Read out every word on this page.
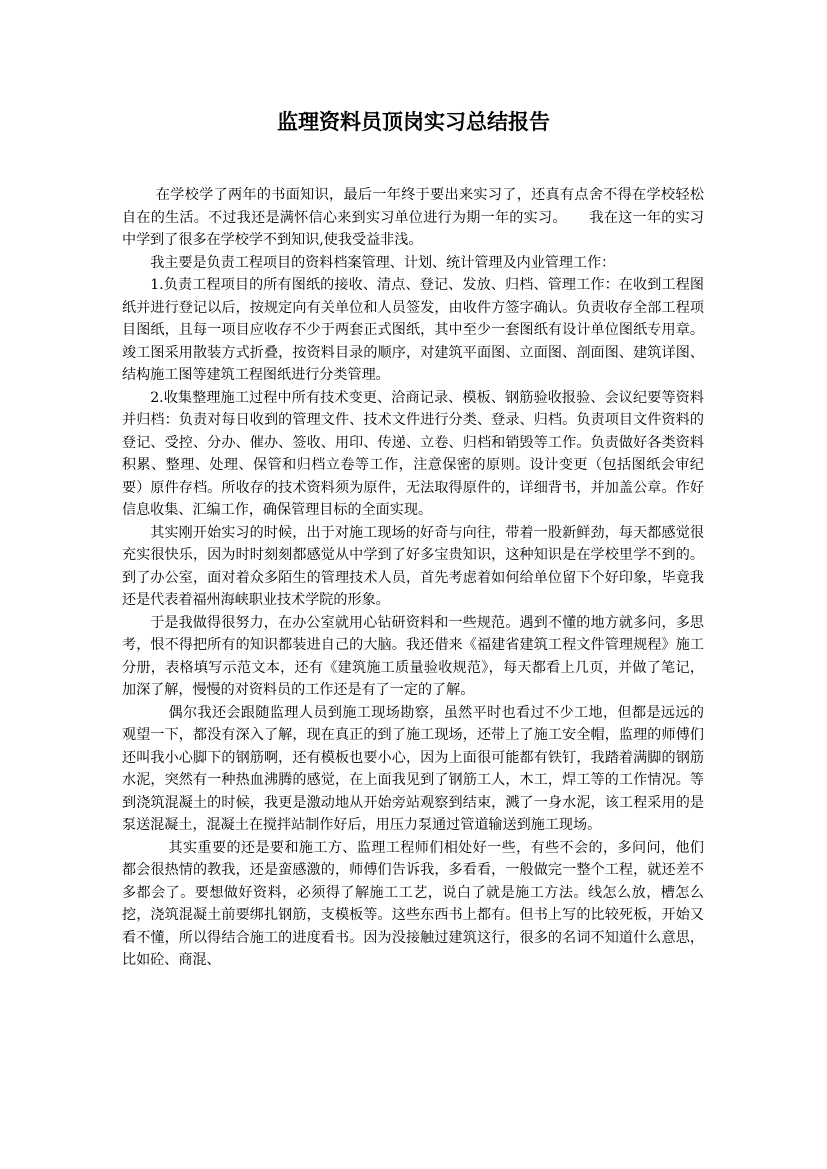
监理资料员顶岗实习总结报告

在学校学了两年的书面知识，最后一年终于要出来实习了，还真有点舍不得在学校轻松自在的生活。不过我还是满怀信心来到实习单位进行为期一年的实习。 我在这一年的实习中学到了很多在学校学不到知识,使我受益非浅。

我主要是负责工程项目的资料档案管理、计划、统计管理及内业管理工作：

1.负责工程项目的所有图纸的接收、清点、登记、发放、归档、管理工作：在收到工程图纸并进行登记以后，按规定向有关单位和人员签发，由收件方签字确认。负责收存全部工程项目图纸，且每一项目应收存不少于两套正式图纸，其中至少一套图纸有设计单位图纸专用章。竣工图采用散装方式折叠，按资料目录的顺序，对建筑平面图、立面图、剖面图、建筑详图、结构施工图等建筑工程图纸进行分类管理。

2.收集整理施工过程中所有技术变更、洽商记录、模板、钢筋验收报验、会议纪要等资料并归档：负责对每日收到的管理文件、技术文件进行分类、登录、归档。负责项目文件资料的登记、受控、分办、催办、签收、用印、传递、立卷、归档和销毁等工作。负责做好各类资料积累、整理、处理、保管和归档立卷等工作，注意保密的原则。设计变更（包括图纸会审纪要）原件存档。所收存的技术资料须为原件，无法取得原件的，详细背书，并加盖公章。作好信息收集、汇编工作，确保管理目标的全面实现。

其实刚开始实习的时候，出于对施工现场的好奇与向往，带着一股新鲜劲，每天都感觉很充实很快乐，因为时时刻刻都感觉从中学到了好多宝贵知识，这种知识是在学校里学不到的。到了办公室，面对着众多陌生的管理技术人员，首先考虑着如何给单位留下个好印象，毕竟我还是代表着福州海峡职业技术学院的形象。

于是我做得很努力，在办公室就用心钻研资料和一些规范。遇到不懂的地方就多问，多思考，恨不得把所有的知识都装进自己的大脑。我还借来《福建省建筑工程文件管理规程》施工分册，表格填写示范文本，还有《建筑施工质量验收规范》，每天都看上几页，并做了笔记，加深了解，慢慢的对资料员的工作还是有了一定的了解。

偶尔我还会跟随监理人员到施工现场勘察，虽然平时也看过不少工地，但都是远远的观望一下，都没有深入了解，现在真正的到了施工现场，还带上了施工安全帽，监理的师傅们还叫我小心脚下的钢筋啊，还有模板也要小心，因为上面很可能都有铁钉，我踏着满脚的钢筋水泥，突然有一种热血沸腾的感觉，在上面我见到了钢筋工人，木工，焊工等的工作情况。等到浇筑混凝土的时候，我更是激动地从开始旁站观察到结束，溅了一身水泥，该工程采用的是泵送混凝土，混凝土在搅拌站制作好后，用压力泵通过管道输送到施工现场。

其实重要的还是要和施工方、监理工程师们相处好一些，有些不会的，多问问，他们都会很热情的教我，还是蛮感激的，师傅们告诉我，多看看，一般做完一整个工程，就还差不多都会了。要想做好资料，必须得了解施工工艺，说白了就是施工方法。线怎么放，槽怎么挖，浇筑混凝土前要绑扎钢筋，支模板等。这些东西书上都有。但书上写的比较死板，开始又看不懂，所以得结合施工的进度看书。因为没接触过建筑这行，很多的名词不知道什么意思，比如砼、商混、
